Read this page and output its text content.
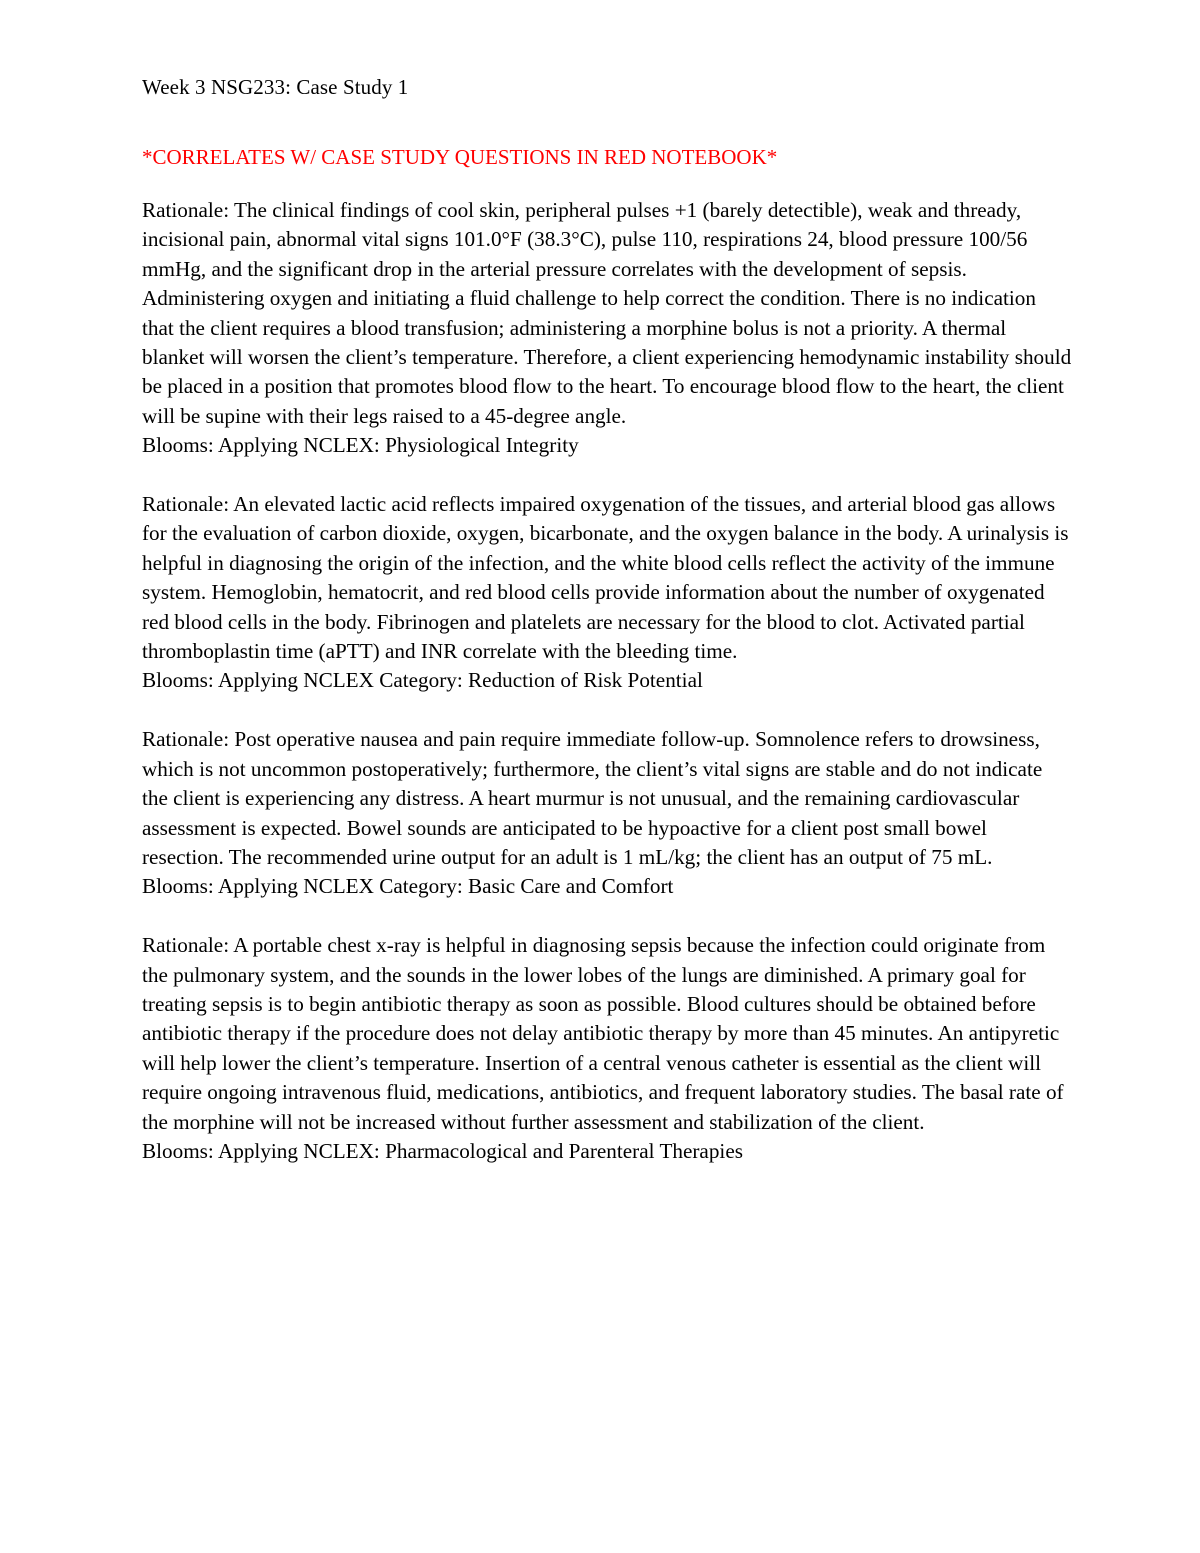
Week 3 NSG233: Case Study 1
*CORRELATES W/ CASE STUDY QUESTIONS IN RED NOTEBOOK*

Rationale: The clinical findings of cool skin, peripheral pulses +1 (barely detectible), weak and thready, incisional pain, abnormal vital signs 101.0°F (38.3°C), pulse 110, respirations 24, blood pressure 100/56 mmHg, and the significant drop in the arterial pressure correlates with the development of sepsis. Administering oxygen and initiating a fluid challenge to help correct the condition. There is no indication that the client requires a blood transfusion; administering a morphine bolus is not a priority. A thermal blanket will worsen the client’s temperature. Therefore, a client experiencing hemodynamic instability should be placed in a position that promotes blood flow to the heart. To encourage blood flow to the heart, the client will be supine with their legs raised to a 45-degree angle.

Blooms: Applying NCLEX: Physiological Integrity

Rationale: An elevated lactic acid reflects impaired oxygenation of the tissues, and arterial blood gas allows for the evaluation of carbon dioxide, oxygen, bicarbonate, and the oxygen balance in the body. A urinalysis is helpful in diagnosing the origin of the infection, and the white blood cells reflect the activity of the immune system. Hemoglobin, hematocrit, and red blood cells provide information about the number of oxygenated red blood cells in the body. Fibrinogen and platelets are necessary for the blood to clot. Activated partial thromboplastin time (aPTT) and INR correlate with the bleeding time.

Blooms: Applying NCLEX Category: Reduction of Risk Potential

Rationale: Post operative nausea and pain require immediate follow-up. Somnolence refers to drowsiness, which is not uncommon postoperatively; furthermore, the client’s vital signs are stable and do not indicate the client is experiencing any distress. A heart murmur is not unusual, and the remaining cardiovascular assessment is expected. Bowel sounds are anticipated to be hypoactive for a client post small bowel resection. The recommended urine output for an adult is 1 mL/kg; the client has an output of 75 mL.

Blooms: Applying NCLEX Category: Basic Care and Comfort

Rationale: A portable chest x-ray is helpful in diagnosing sepsis because the infection could originate from the pulmonary system, and the sounds in the lower lobes of the lungs are diminished. A primary goal for treating sepsis is to begin antibiotic therapy as soon as possible. Blood cultures should be obtained before antibiotic therapy if the procedure does not delay antibiotic therapy by more than 45 minutes. An antipyretic will help lower the client’s temperature. Insertion of a central venous catheter is essential as the client will require ongoing intravenous fluid, medications, antibiotics, and frequent laboratory studies. The basal rate of the morphine will not be increased without further assessment and stabilization of the client.

Blooms: Applying NCLEX: Pharmacological and Parenteral Therapies
